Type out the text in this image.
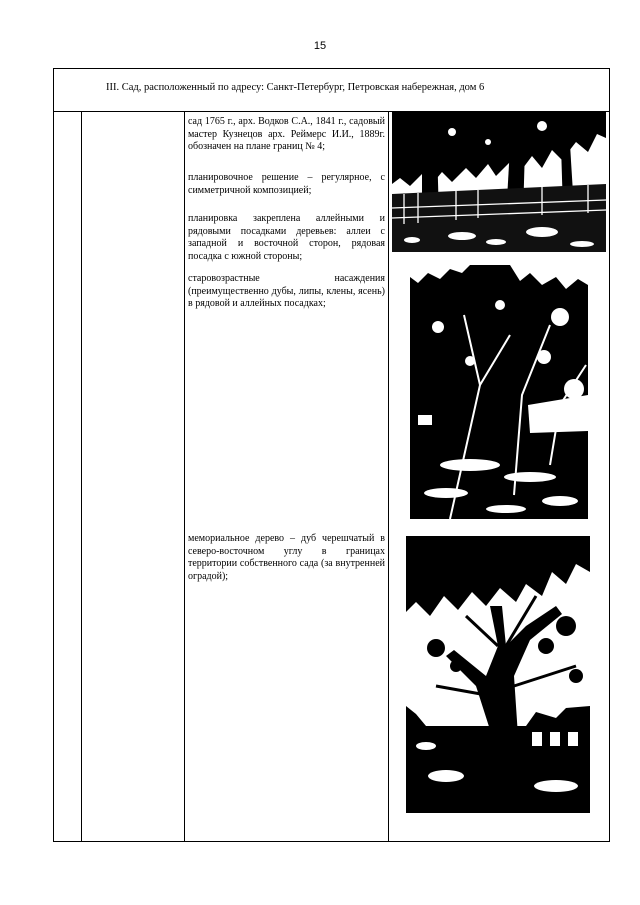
15
III. Сад, расположенный по адресу: Санкт-Петербург, Петровская набережная, дом 6
сад 1765 г., арх. Водков С.А., 1841 г., садовый мастер Кузнецов арх. Реймерс И.И., 1889г. обозначен на плане границ № 4;
планировочное решение – регулярное, с симметричной композицией;
планировка закреплена аллейными и рядовыми посадками деревьев: аллеи с западной и восточной сторон, рядовая посадка с южной стороны;
старовозрастные насаждения (преимущественно дубы, липы, клены, ясень) в рядовой и аллейных посадках;
мемориальное дерево – дуб черешчатый в северо-восточном углу в границах территории собственного сада (за внутренней оградой);
